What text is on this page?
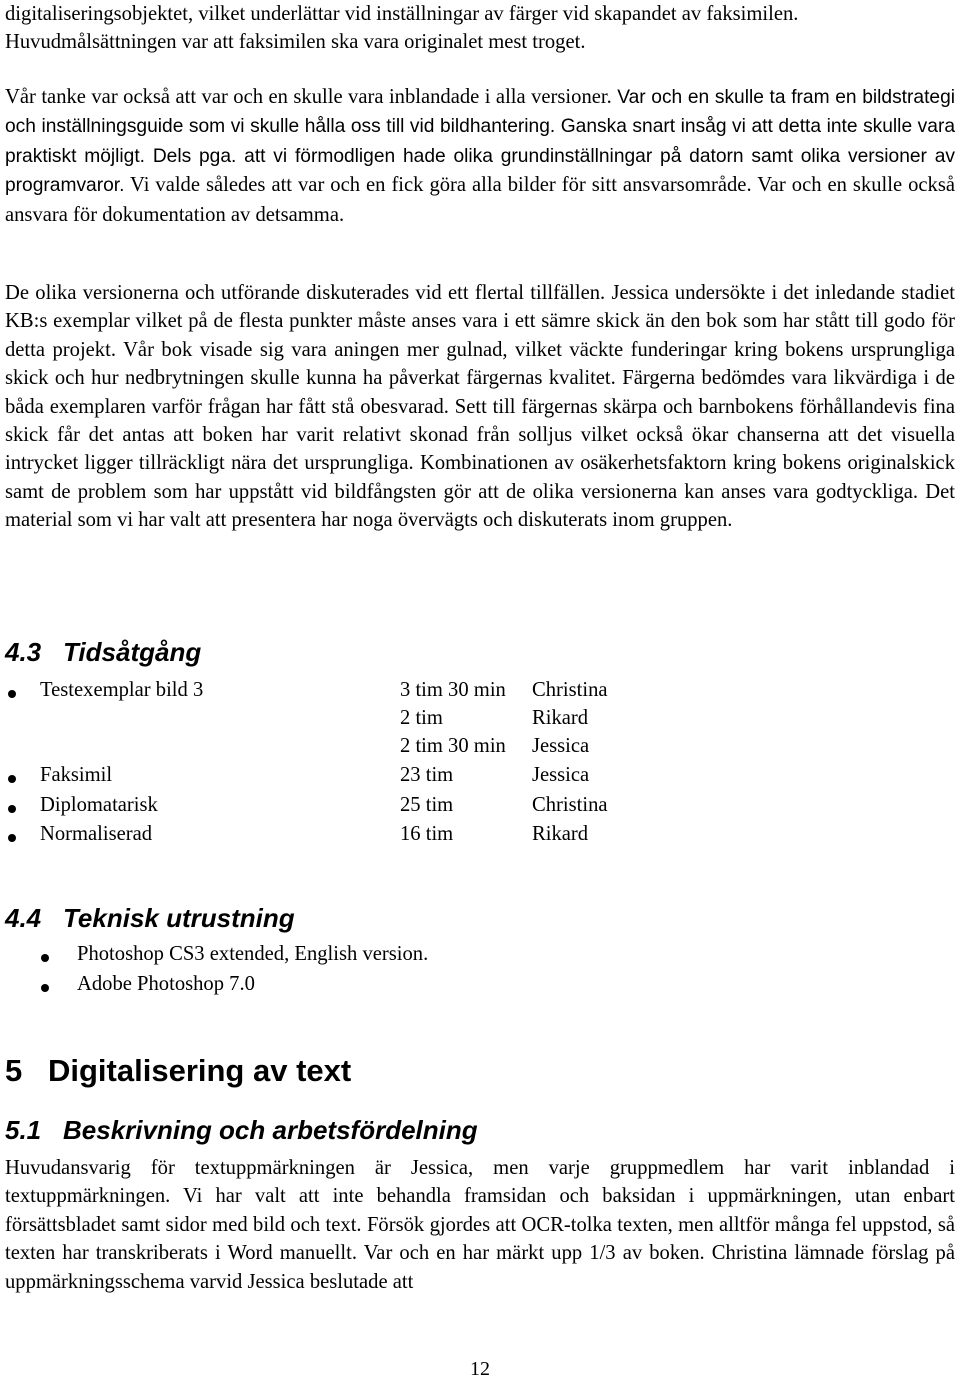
digitaliseringsobjektet, vilket underlättar vid inställningar av färger vid skapandet av faksimilen.
Huvudmålsättningen var att faksimilen ska vara originalet mest troget.

Vår tanke var också att var och en skulle vara inblandade i alla versioner. Var och en skulle ta fram en bildstrategi och inställningsguide som vi skulle hålla oss till vid bildhantering. Ganska snart insåg vi att detta inte skulle vara praktiskt möjligt. Dels pga. att vi förmodligen hade olika grundinställningar på datorn samt olika versioner av programvaror. Vi valde således att var och en fick göra alla bilder för sitt ansvarsområde. Var och en skulle också ansvara för dokumentation av detsamma.

De olika versionerna och utförande diskuterades vid ett flertal tillfällen. Jessica undersökte i det inledande stadiet KB:s exemplar vilket på de flesta punkter måste anses vara i ett sämre skick än den bok som har stått till godo för detta projekt. Vår bok visade sig vara aningen mer gulnad, vilket väckte funderingar kring bokens ursprungliga skick och hur nedbrytningen skulle kunna ha påverkat färgernas kvalitet. Färgerna bedömdes vara likvärdiga i de båda exemplaren varför frågan har fått stå obesvarad. Sett till färgernas skärpa och barnbokens förhållandevis fina skick får det antas att boken har varit relativt skonad från solljus vilket också ökar chanserna att det visuella intrycket ligger tillräckligt nära det ursprungliga. Kombinationen av osäkerhetsfaktorn kring bokens originalskick samt de problem som har uppstått vid bildfångsten gör att de olika versionerna kan anses vara godtyckliga. Det material som vi har valt att presentera har noga övervägts och diskuterats inom gruppen.

4.3 Tidsåtgång
Testexemplar bild 3	3 tim 30 min Christina
2 tim	Rikard
2 tim 30 min Jessica
Faksimil	23 tim	Jessica
Diplomatarisk	25 tim	Christina
Normaliserad	16 tim	Rikard
4.4 Teknisk utrustning
Photoshop CS3 extended, English version.
Adobe Photoshop 7.0
5 Digitalisering av text
5.1 Beskrivning och arbetsfördelning

Huvudansvarig för textuppmärkningen är Jessica, men varje gruppmedlem har varit inblandad i textuppmärkningen. Vi har valt att inte behandla framsidan och baksidan i uppmärkningen, utan enbart försättsbladet samt sidor med bild och text. Försök gjordes att OCR-tolka texten, men alltför många fel uppstod, så texten har transkriberats i Word manuellt. Var och en har märkt upp 1/3 av boken. Christina lämnade förslag på uppmärkningsschema varvid Jessica beslutade att

12
